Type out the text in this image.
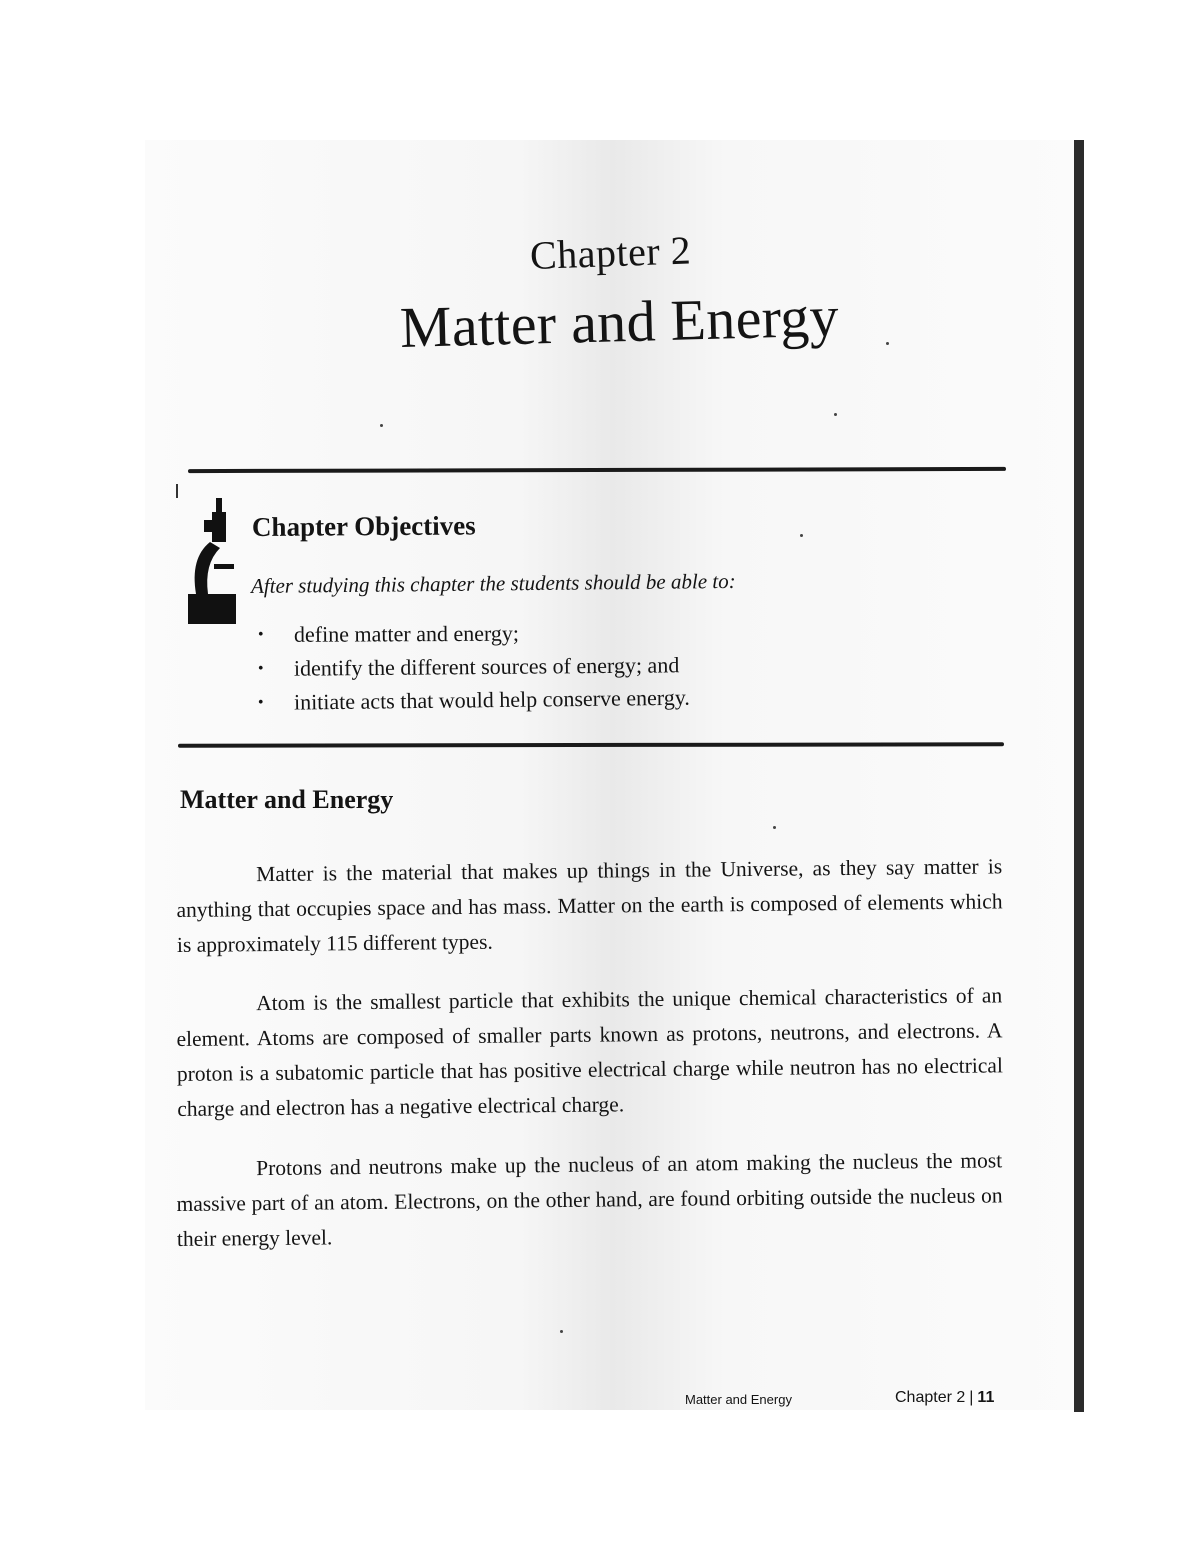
Chapter 2
Matter and Energy
Chapter Objectives
After studying this chapter the students should be able to:
• define matter and energy;
• identify the different sources of energy; and
• initiate acts that would help conserve energy.
Matter and Energy

Matter is the material that makes up things in the Universe, as they say matter is anything that occupies space and has mass. Matter on the earth is composed of elements which is approximately 115 different types.

Atom is the smallest particle that exhibits the unique chemical characteristics of an element. Atoms are composed of smaller parts known as protons, neutrons, and electrons. A proton is a subatomic particle that has positive electrical charge while neutron has no electrical charge and electron has a negative electrical charge.

Protons and neutrons make up the nucleus of an atom making the nucleus the most massive part of an atom. Electrons, on the other hand, are found orbiting outside the nucleus on their energy level.

Matter and Energy	Chapter 2 | 11
